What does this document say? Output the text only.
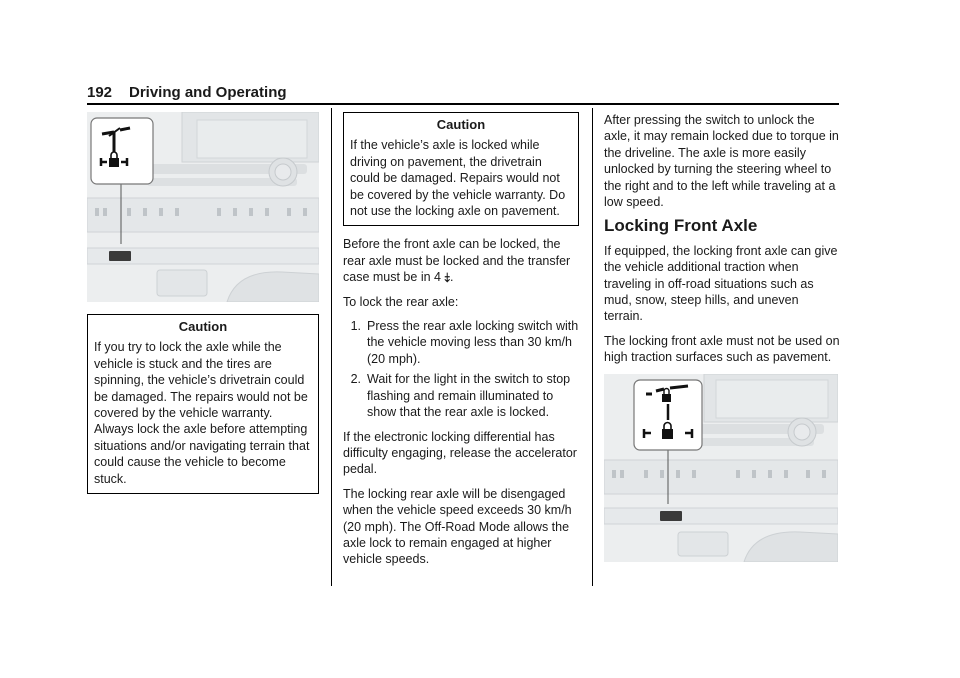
192 Driving and Operating
Caution

If you try to lock the axle while the vehicle is stuck and the tires are spinning, the vehicle’s drivetrain could be damaged. The repairs would not be covered by the vehicle warranty. Always lock the axle before attempting situations and/or navigating terrain that could cause the vehicle to become stuck.

Caution

If the vehicle’s axle is locked while driving on pavement, the drivetrain could be damaged. Repairs would not be covered by the vehicle warranty. Do not use the locking axle on pavement.

Before the front axle can be locked, the rear axle must be locked and the transfer case must be in 4 ⤈.

To lock the rear axle:

1. Press the rear axle locking switch with the vehicle moving less than 30 km/h (20 mph).
2. Wait for the light in the switch to stop flashing and remain illuminated to show that the rear axle is locked.

If the electronic locking differential has difficulty engaging, release the accelerator pedal.

The locking rear axle will be disengaged when the vehicle speed exceeds 30 km/h (20 mph). The Off-Road Mode allows the axle lock to remain engaged at higher vehicle speeds.

After pressing the switch to unlock the axle, it may remain locked due to torque in the driveline. The axle is more easily unlocked by turning the steering wheel to the right and to the left while traveling at a low speed.

Locking Front Axle

If equipped, the locking front axle can give the vehicle additional traction when traveling in off-road situations such as mud, snow, steep hills, and uneven terrain.

The locking front axle must not be used on high traction surfaces such as pavement.
